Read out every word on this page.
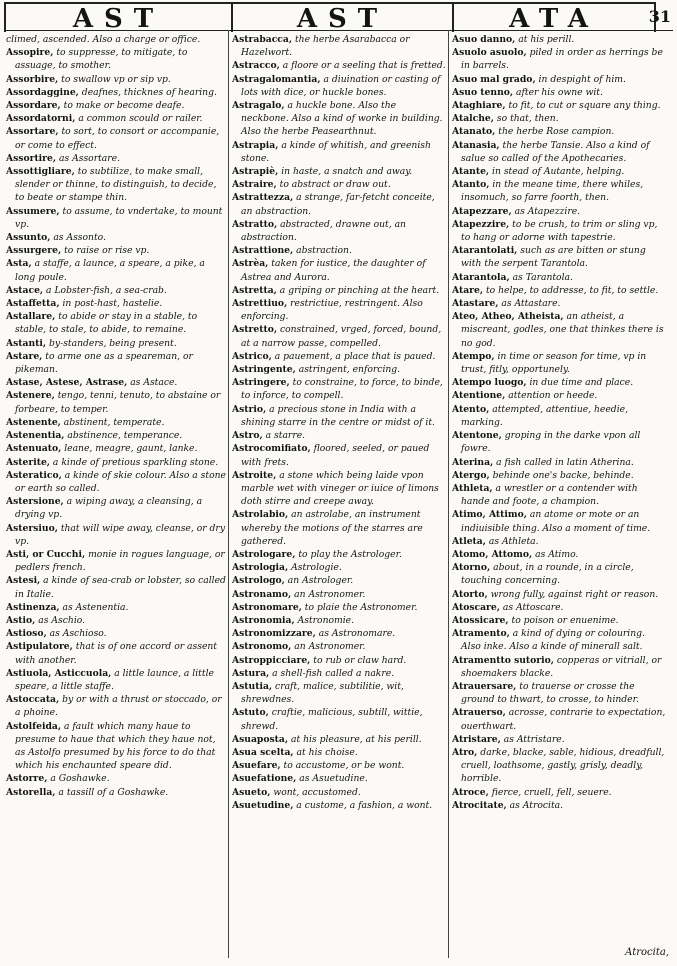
AST	AST	ATA	31

climed, ascended. Also a charge or office.

Assopire, to suppresse, to mitigate, to assuage, to smother.

Assorbire, to swallow vp or sip vp.

Assordaggine, deafnes, thicknes of hearing.

Assordare, to make or become deafe.

Assordatorni, a common scould or railer.

Assortare, to sort, to consort or accompanie, or come to effect.

Assortire, as Assortare.

Assottigliare, to subtilize, to make small, slender or thinne, to distinguish, to decide, to beate or stampe thin.

Assumere, to assume, to vndertake, to mount vp.

Assunto, as Assonto.

Assurgere, to raise or rise vp.

Asta, a staffe, a launce, a speare, a pike, a long poule.

Astace, a Lobster-fish, a sea-crab.

Astaffetta, in post-hast, hastelie.

Astallare, to abide or stay in a stable, to stable, to stale, to abide, to remaine.

Astanti, by-standers, being present.

Astare, to arme one as a speareman, or pikeman.

Astase, Astese, Astrase, as Astace.

Astenere, tengo, tenni, tenuto, to abstaine or forbeare, to temper.

Astenente, abstinent, temperate.

Astenentia, abstinence, temperance.

Astenuato, leane, meagre, gaunt, lanke.

Asterite, a kinde of pretious sparkling stone.

Asteratico, a kinde of skie colour. Also a stone or earth so called.

Astersione, a wiping away, a cleansing, a drying vp.

Astersiuo, that will wipe away, cleanse, or dry vp.

Asti, or Cucchi, monie in rogues language, or pedlers french.

Astesi, a kinde of sea-crab or lobster, so called in Italie.

Astinenza, as Astenentia.

Astio, as Aschio.

Astioso, as Aschioso.

Astipulatore, that is of one accord or assent with another.

Astiuola, Asticcuola, a little launce, a little speare, a little staffe.

Astoccata, by or with a thrust or stoccado, or a phoine.

Astolfeida, a fault which many haue to presume to haue that which they haue not, as Astolfo presumed by his force to do that which his enchaunted speare did.

Astorre, a Goshawke.

Astorella, a tassill of a Goshawke.

Astrabacca, the herbe Asarabacca or Hazelwort.

Astracco, a floore or a seeling that is fretted.

Astragalomantia, a diuination or casting of lots with dice, or huckle bones.

Astragalo, a huckle bone. Also the neckbone. Also a kind of worke in building. Also the herbe Peasearthnut.

Astrapia, a kinde of whitish, and greenish stone.

Astrapiè, in haste, a snatch and away.

Astraire, to abstract or draw out.

Astrattezza, a strange, far-fetcht conceite, an abstraction.

Astratto, abstracted, drawne out, an abstraction.

Astrattione, abstraction.

Astrèa, taken for iustice, the daughter of Astrea and Aurora.

Astretta, a griping or pinching at the heart.

Astrettiuo, restrictiue, restringent. Also enforcing.

Astretto, constrained, vrged, forced, bound, at a narrow passe, compelled.

Astrico, a pauement, a place that is paued.

Astringente, astringent, enforcing.

Astringere, to constraine, to force, to binde, to inforce, to compell.

Astrio, a precious stone in India with a shining starre in the centre or midst of it.

Astro, a starre.

Astrocomifiato, floored, seeled, or paued with frets.

Astroite, a stone which being laide vpon marble wet with vineger or iuice of limons doth stirre and creepe away.

Astrolabio, an astrolabe, an instrument whereby the motions of the starres are gathered.

Astrologare, to play the Astrologer.

Astrologia, Astrologie.

Astrologo, an Astrologer.

Astronamo, an Astronomer.

Astronomare, to plaie the Astronomer.

Astronomia, Astronomie.

Astronomizzare, as Astronomare.

Astronomo, an Astronomer.

Astroppicciare, to rub or claw hard.

Astura, a shell-fish called a nakre.

Astutia, craft, malice, subtilitie, wit, shrewdnes.

Astuto, craftie, malicious, subtill, wittie, shrewd.

Asuaposta, at his pleasure, at his perill.

Asua scelta, at his choise.

Asuefare, to accustome, or be wont.

Asuefatione, as Asuetudine.

Asueto, wont, accustomed.

Asuetudine, a custome, a fashion, a wont.

Asuo danno, at his perill.

Asuolo asuolo, piled in order as herrings be in barrels.

Asuo mal grado, in despight of him.

Asuo tenno, after his owne wit.

Ataghiare, to fit, to cut or square any thing.

Atalche, so that, then.

Atanato, the herbe Rose campion.

Atanasia, the herbe Tansie. Also a kind of salue so called of the Apothecaries.

Atante, in stead of Autante, helping.

Atanto, in the meane time, there whiles, insomuch, so farre foorth, then.

Atapezzare, as Atapezzire.

Atapezzire, to be crush, to trim or sling vp, to hang or adorne with tapestrie.

Atarantolati, such as are bitten or stung with the serpent Tarantola.

Atarantola, as Tarantola.

Atare, to helpe, to addresse, to fit, to settle.

Atastare, as Attastare.

Ateo, Atheo, Atheista, an atheist, a miscreant, godles, one that thinkes there is no god.

Atempo, in time or season for time, vp in trust, fitly, opportunely.

Atempo luogo, in due time and place.

Atentione, attention or heede.

Atento, attempted, attentiue, heedie, marking.

Atentone, groping in the darke vpon all fowre.

Aterina, a fish called in latin Atherina.

Atergo, behinde one's backe, behinde.

Athleta, a wrestler or a contender with hande and foote, a champion.

Atimo, Attimo, an atome or mote or an indiuisible thing. Also a moment of time.

Atleta, as Athleta.

Atomo, Attomo, as Atimo.

Atorno, about, in a rounde, in a circle, touching concerning.

Atorto, wrong fully, against right or reason.

Atoscare, as Attoscare.

Atossicare, to poison or enuenime.

Atramento, a kind of dying or colouring. Also inke. Also a kinde of minerall salt.

Atramentto sutorio, copperas or vitriall, or shoemakers blacke.

Atrauersare, to trauerse or crosse the ground to thwart, to crosse, to hinder.

Atrauerso, acrosse, contrarie to expectation, ouerthwart.

Atristare, as Attristare.

Atro, darke, blacke, sable, hidious, dreadfull, cruell, loathsome, gastly, grisly, deadly, horrible.

Atroce, fierce, cruell, fell, seuere.

Atrocitate, as Atrocita.

Atrocita,
